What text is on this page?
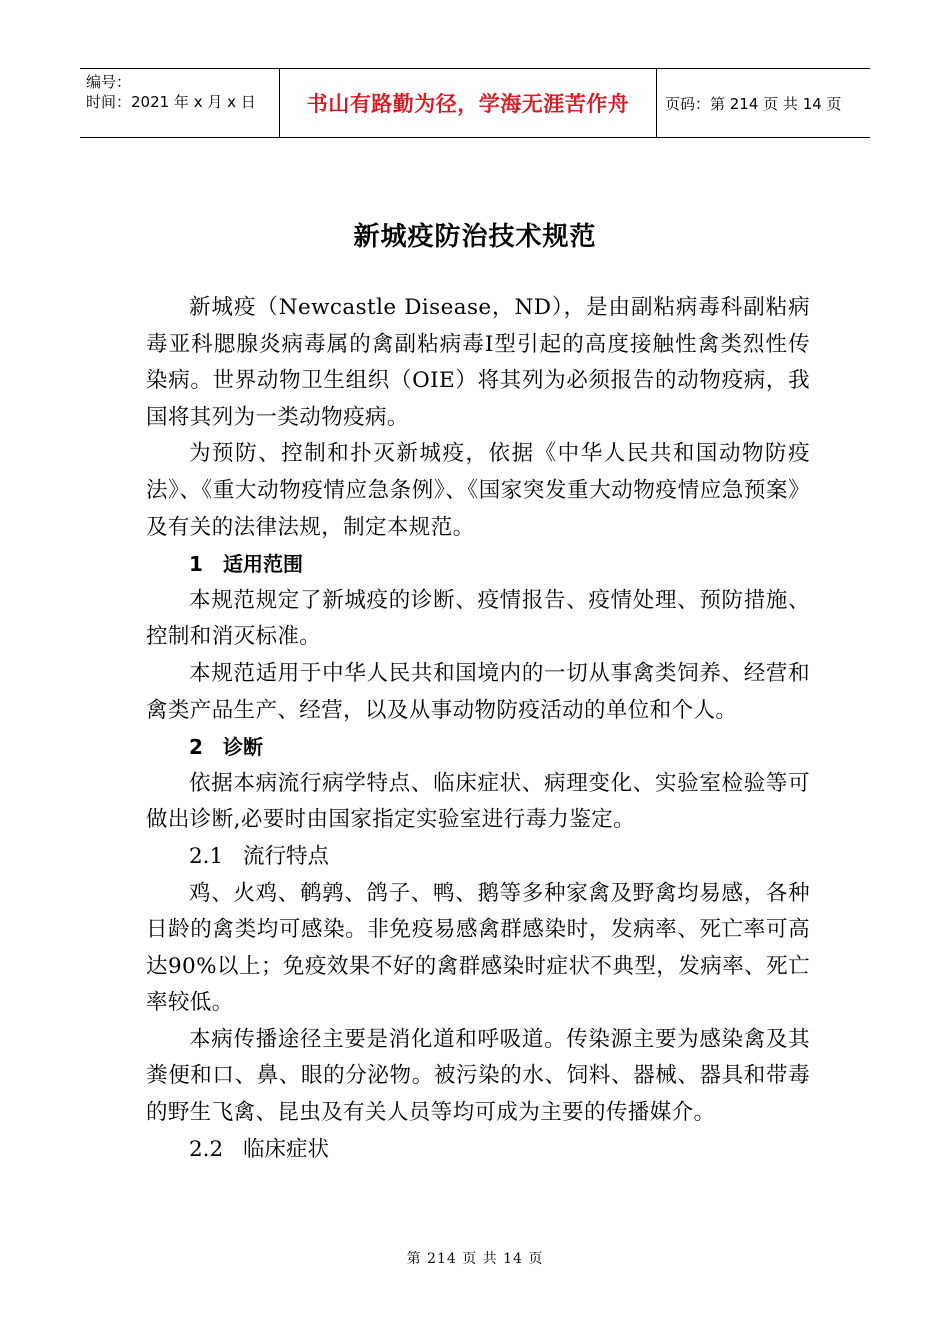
编号：
时间：2021 年 x 月 x 日	书山有路勤为径，学海无涯苦作舟	页码：第 214 页 共 14 页
新城疫防治技术规范

新城疫（Newcastle Disease，ND），是由副粘病毒科副粘病毒亚科腮腺炎病毒属的禽副粘病毒Ⅰ型引起的高度接触性禽类烈性传染病。世界动物卫生组织（OIE）将其列为必须报告的动物疫病，我国将其列为一类动物疫病。

为预防、控制和扑灭新城疫，依据《中华人民共和国动物防疫法》、《重大动物疫情应急条例》、《国家突发重大动物疫情应急预案》及有关的法律法规，制定本规范。

1 适用范围

本规范规定了新城疫的诊断、疫情报告、疫情处理、预防措施、控制和消灭标准。

本规范适用于中华人民共和国境内的一切从事禽类饲养、经营和禽类产品生产、经营，以及从事动物防疫活动的单位和个人。

2 诊断

依据本病流行病学特点、临床症状、病理变化、实验室检验等可做出诊断,必要时由国家指定实验室进行毒力鉴定。

2.1 流行特点

鸡、火鸡、鹌鹑、鸽子、鸭、鹅等多种家禽及野禽均易感，各种日龄的禽类均可感染。非免疫易感禽群感染时，发病率、死亡率可高达90%以上；免疫效果不好的禽群感染时症状不典型，发病率、死亡率较低。

本病传播途径主要是消化道和呼吸道。传染源主要为感染禽及其粪便和口、鼻、眼的分泌物。被污染的水、饲料、器械、器具和带毒的野生飞禽、昆虫及有关人员等均可成为主要的传播媒介。

2.2 临床症状
第 214 页 共 14 页
